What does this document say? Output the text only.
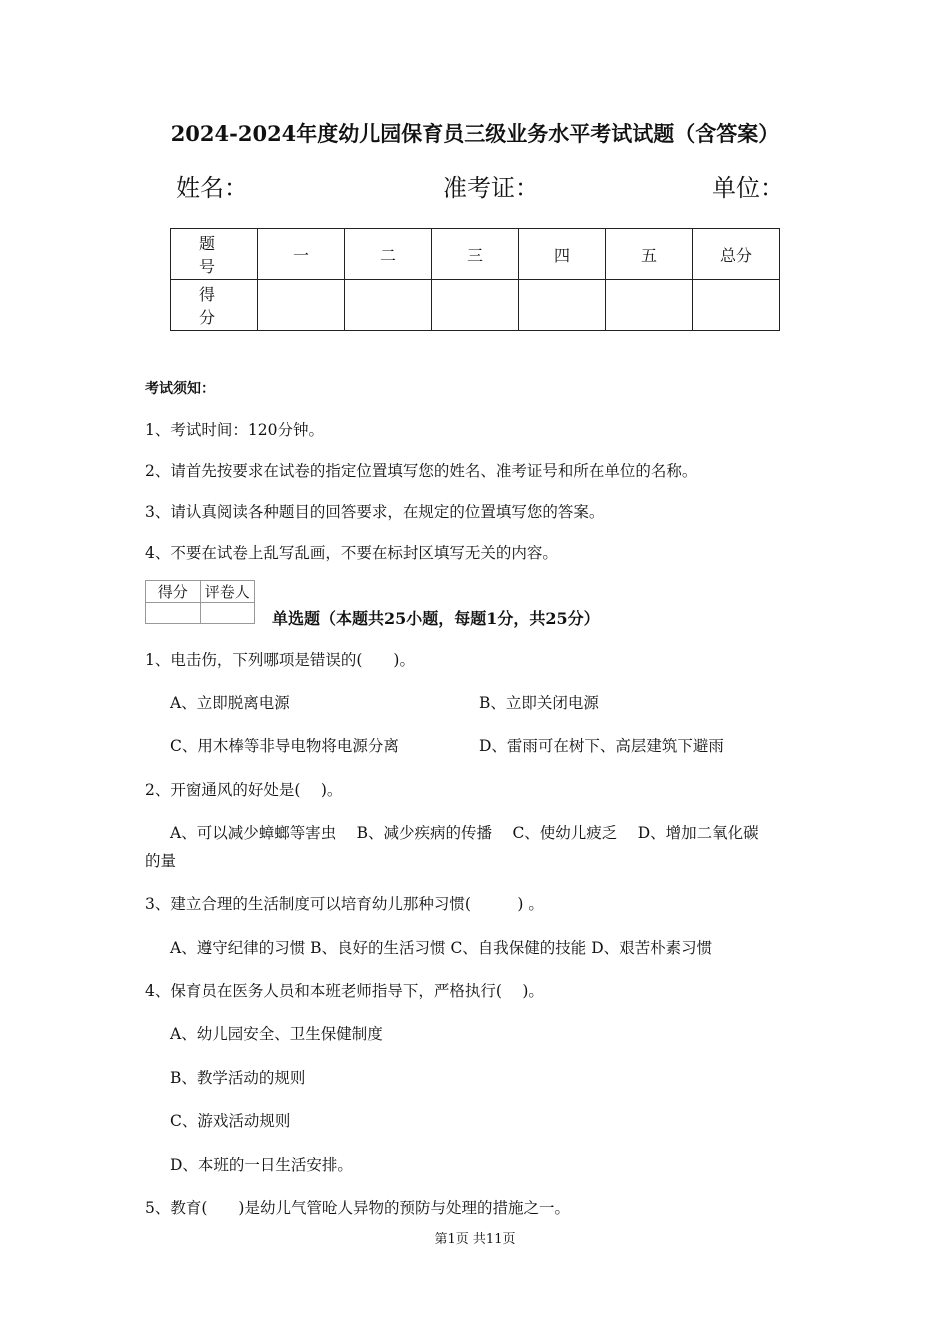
2024-2024年度幼儿园保育员三级业务水平考试试题（含答案）
姓名：	准考证：	单位：
题　号	一	二	三	四	五	总分
得　分						
考试须知：
1、考试时间：120分钟。
2、请首先按要求在试卷的指定位置填写您的姓名、准考证号和所在单位的名称。
3、请认真阅读各种题目的回答要求，在规定的位置填写您的答案。
4、不要在试卷上乱写乱画，不要在标封区填写无关的内容。
得分	评卷人

单选题（本题共25小题，每题1分，共25分）
1、电击伤，下列哪项是错误的(　　)。
A、立即脱离电源	B、立即关闭电源
C、用木棒等非导电物将电源分离	D、雷雨可在树下、高层建筑下避雨
2、开窗通风的好处是(　 )。
A、可以减少蟑螂等害虫　 B、减少疾病的传播　 C、使幼儿疲乏　 D、增加二氧化碳
的量
3、建立合理的生活制度可以培育幼儿那种习惯(　　　) 。
A、遵守纪律的习惯 B、良好的生活习惯 C、自我保健的技能 D、艰苦朴素习惯
4、保育员在医务人员和本班老师指导下，严格执行(　 )。
A、幼儿园安全、卫生保健制度
B、教学活动的规则
C、游戏活动规则
D、本班的一日生活安排。
5、教育(　　)是幼儿气管呛人异物的预防与处理的措施之一。
第1页 共11页
